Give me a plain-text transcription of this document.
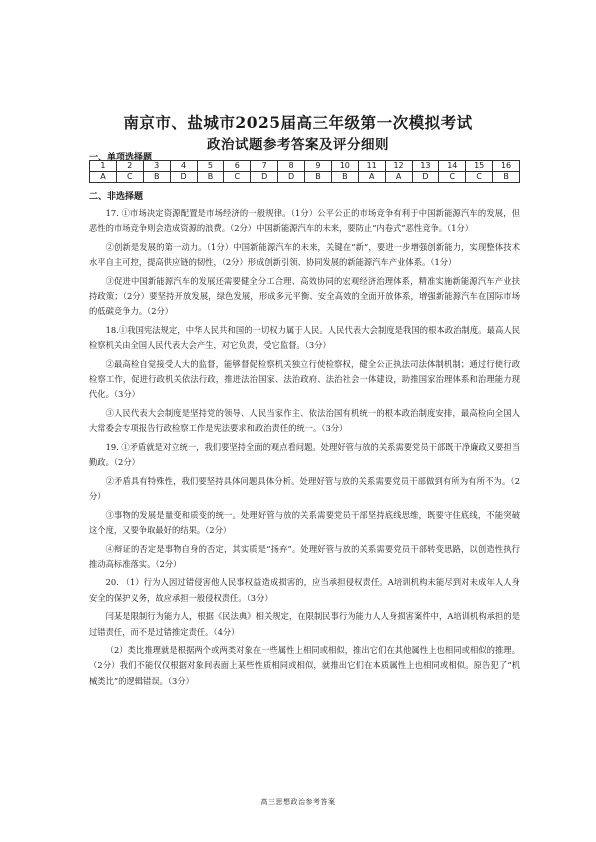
南京市、盐城市2025届高三年级第一次模拟考试
政治试题参考答案及评分细则
一、单项选择题
1	2	3	4	5	6	7	8	9	10	11	12	13	14	15	16
A	C	B	D	B	C	D	D	B	B	A	A	D	C	C	B
二、非选择题

17. ①市场决定资源配置是市场经济的一般规律。（1分）公平公正的市场竞争有利于中国新能源汽车的发展，但恶性的市场竞争则会造成资源的浪费。（2分）中国新能源汽车的未来，要防止“内卷式”恶性竞争。（1分）

②创新是发展的第一动力。（1分）中国新能源汽车的未来，关键在“新”，要进一步增强创新能力，实现整体技术水平自主可控，提高供应链的韧性，（2分）形成创新引领、协同发展的新能源汽车产业体系。（1分）

③促进中国新能源汽车的发展还需要健全分工合理、高效协同的宏观经济治理体系，精准实施新能源汽车产业扶持政策；（2分）要坚持开放发展，绿色发展，形成多元平衡、安全高效的全面开放体系，增强新能源汽车在国际市场的低碳竞争力。（2分）

18.①我国宪法规定，中华人民共和国的一切权力属于人民。人民代表大会制度是我国的根本政治制度。最高人民检察机关由全国人民代表大会产生，对它负责，受它监督。（3分）

②最高检自觉接受人大的监督，能够督促检察机关独立行使检察权，健全公正执法司法体制机制；通过行使行政检察工作，促进行政机关依法行政，推进法治国家、法治政府、法治社会一体建设，助推国家治理体系和治理能力现代化。（3分）

③人民代表大会制度是坚持党的领导、人民当家作主、依法治国有机统一的根本政治制度安排，最高检向全国人大常委会专项报告行政检察工作是宪法要求和政治责任的统一。（3分）

19. ①矛盾就是对立统一，我们要坚持全面的观点看问题。处理好管与放的关系需要党员干部既干净廉政又要担当勤政。（2分）

②矛盾具有特殊性，我们要坚持具体问题具体分析。处理好管与放的关系需要党员干部做到有所为有所不为。（2分）

③事物的发展是量变和质变的统一。处理好管与放的关系需要党员干部坚持底线思维，既要守住底线，不能突破这个度，又要争取最好的结果。（2分）

④辩证的否定是事物自身的否定，其实质是“扬弃”。处理好管与放的关系需要党员干部转变思路，以创造性执行推动高标准落实。（2分）

20. （1）行为人因过错侵害他人民事权益造成损害的，应当承担侵权责任。A培训机构未能尽到对未成年人人身安全的保护义务，故应承担一般侵权责任。（3分）

闫某是限制行为能力人，根据《民法典》相关规定，在限制民事行为能力人人身损害案件中，A培训机构承担的是过错责任，而不是过错推定责任。（4分）

（2）类比推理就是根据两个或两类对象在一些属性上相同或相似，推出它们在其他属性上也相同或相似的推理。（2分）我们不能仅仅根据对象间表面上某些性质相同或相似，就推出它们在本质属性上也相同或相似。原告犯了“机械类比”的逻辑错误。（3分）

高三思想政治参考答案
